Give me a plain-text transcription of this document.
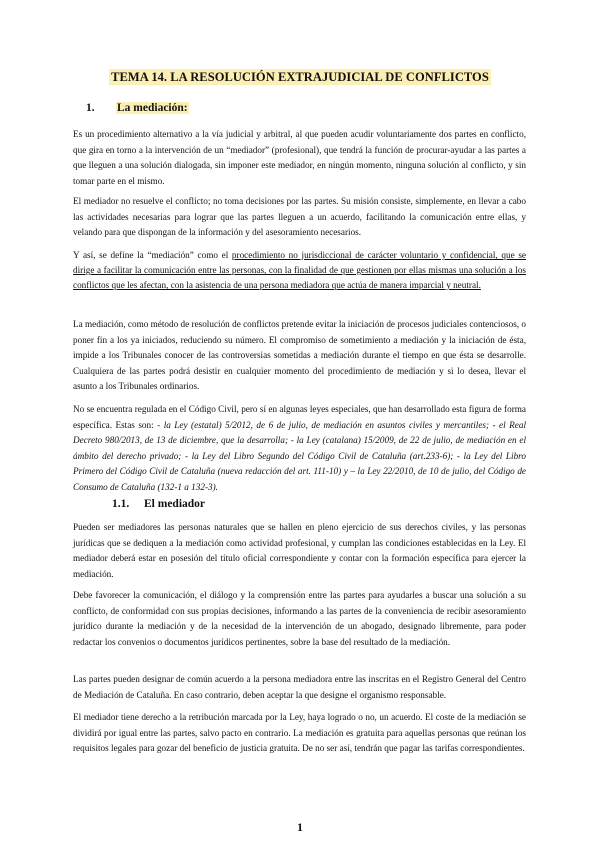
TEMA 14. LA RESOLUCIÓN EXTRAJUDICIAL DE CONFLICTOS
1. La mediación:

Es un procedimiento alternativo a la vía judicial y arbitral, al que pueden acudir voluntariamente dos partes en conflicto, que gira en torno a la intervención de un “mediador” (profesional), que tendrá la función de procurar-ayudar a las partes a que lleguen a una solución dialogada, sin imponer este mediador, en ningún momento, ninguna solución al conflicto, y sin tomar parte en el mismo.

El mediador no resuelve el conflicto; no toma decisiones por las partes. Su misión consiste, simplemente, en llevar a cabo las actividades necesarias para lograr que las partes lleguen a un acuerdo, facilitando la comunicación entre ellas, y velando para que dispongan de la información y del asesoramiento necesarios.

Y así, se define la “mediación” como el procedimiento no jurisdiccional de carácter voluntario y confidencial, que se dirige a facilitar la comunicación entre las personas, con la finalidad de que gestionen por ellas mismas una solución a los conflictos que les afectan, con la asistencia de una persona mediadora que actúa de manera imparcial y neutral.

La mediación, como método de resolución de conflictos pretende evitar la iniciación de procesos judiciales contenciosos, o poner fin a los ya iniciados, reduciendo su número. El compromiso de sometimiento a mediación y la iniciación de ésta, impide a los Tribunales conocer de las controversias sometidas a mediación durante el tiempo en que ésta se desarrolle. Cualquiera de las partes podrá desistir en cualquier momento del procedimiento de mediación y si lo desea, llevar el asunto a los Tribunales ordinarios.

No se encuentra regulada en el Código Civil, pero sí en algunas leyes especiales, que han desarrollado esta figura de forma específica. Estas son: - la Ley (estatal) 5/2012, de 6 de julio, de mediación en asuntos civiles y mercantiles; - el Real Decreto 980/2013, de 13 de diciembre, que la desarrolla; - la Ley (catalana) 15/2009, de 22 de julio, de mediación en el ámbito del derecho privado; - la Ley del Libro Segundo del Código Civil de Cataluña (art.233-6); - la Ley del Libro Primero del Código Civil de Cataluña (nueva redacción del art. 111-10) y – la Ley 22/2010, de 10 de julio, del Código de Consumo de Cataluña (132-1 a 132-3).

1.1. El mediador

Pueden ser mediadores las personas naturales que se hallen en pleno ejercicio de sus derechos civiles, y las personas jurídicas que se dediquen a la mediación como actividad profesional, y cumplan las condiciones establecidas en la Ley. El mediador deberá estar en posesión del título oficial correspondiente y contar con la formación específica para ejercer la mediación.

Debe favorecer la comunicación, el diálogo y la comprensión entre las partes para ayudarles a buscar una solución a su conflicto, de conformidad con sus propias decisiones, informando a las partes de la conveniencia de recibir asesoramiento jurídico durante la mediación y de la necesidad de la intervención de un abogado, designado libremente, para poder redactar los convenios o documentos jurídicos pertinentes, sobre la base del resultado de la mediación.

Las partes pueden designar de común acuerdo a la persona mediadora entre las inscritas en el Registro General del Centro de Mediación de Cataluña. En caso contrario, deben aceptar la que designe el organismo responsable.

El mediador tiene derecho a la retribución marcada por la Ley, haya logrado o no, un acuerdo. El coste de la mediación se dividirá por igual entre las partes, salvo pacto en contrario. La mediación es gratuita para aquellas personas que reúnan los requisitos legales para gozar del beneficio de justicia gratuita. De no ser así, tendrán que pagar las tarifas correspondientes.

1
